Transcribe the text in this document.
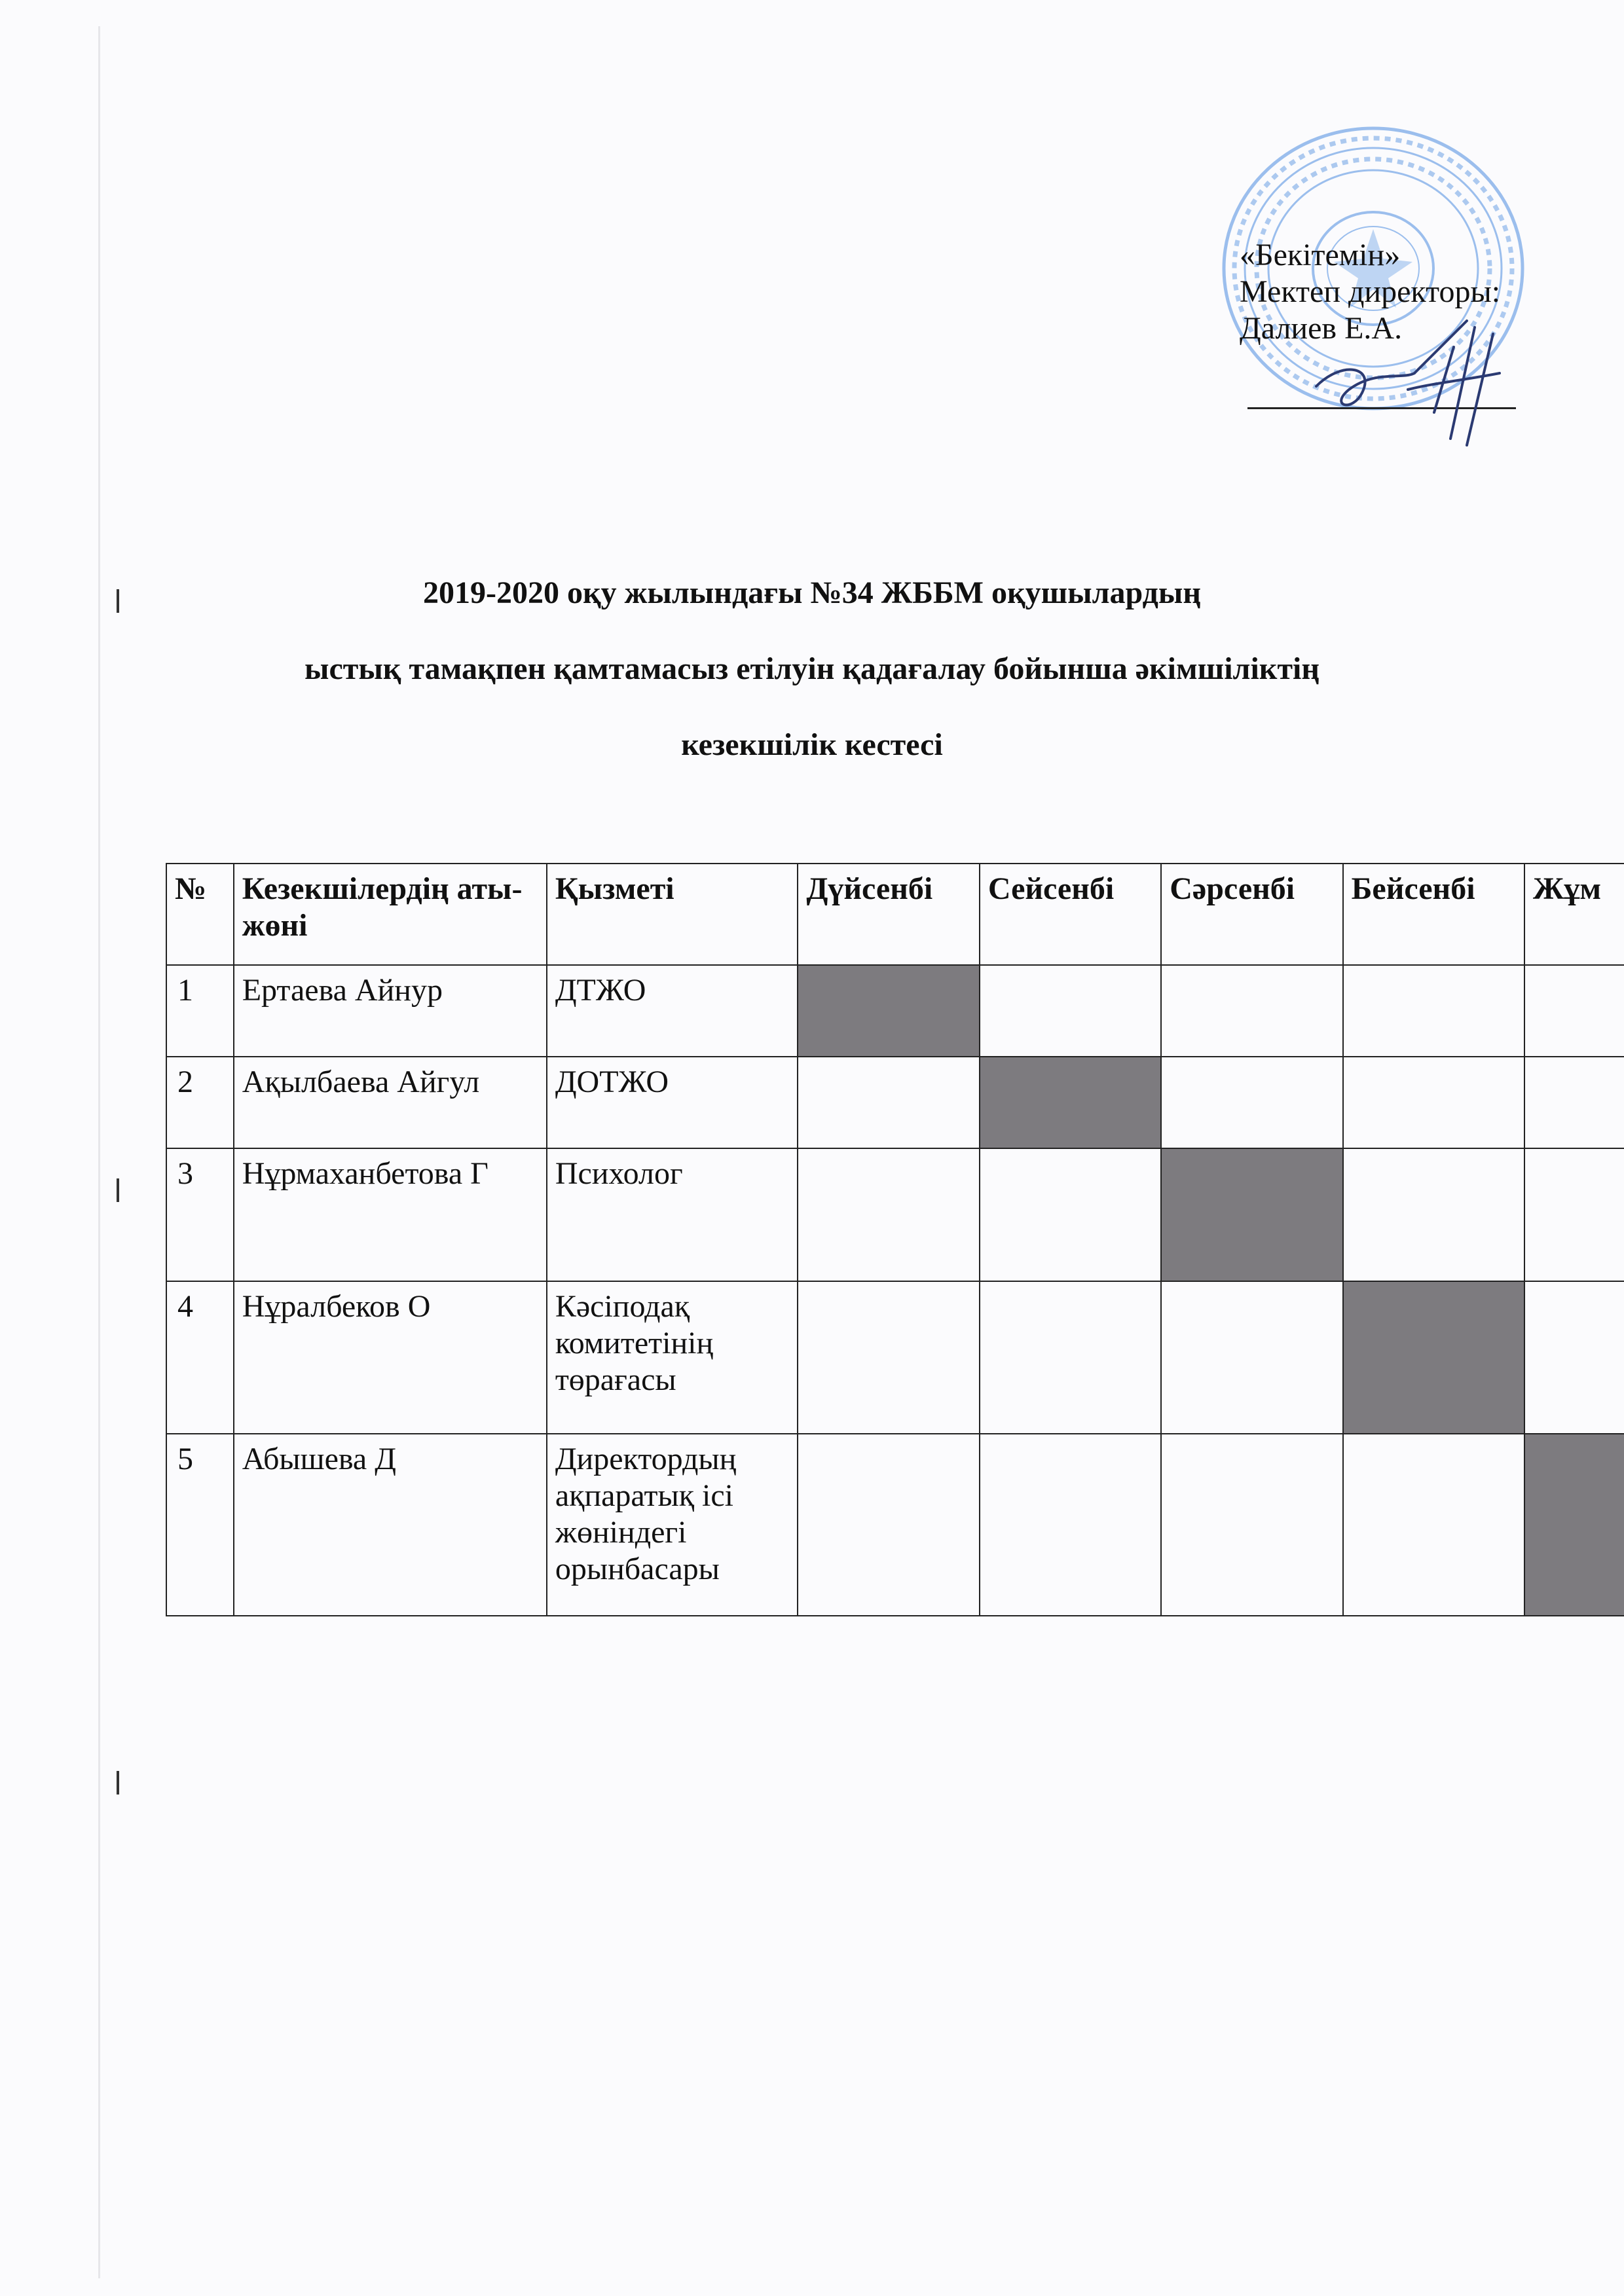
«Бекітемін»
Мектеп директоры:
Далиев Е.А.
2019-2020 оқу жылындағы №34 ЖББМ оқушылардың
ыстық тамақпен қамтамасыз етілуін қадағалау бойынша әкімшіліктің
кезекшілік кестесі
№	Кезекшілердің аты-жөні	Қызметі	Дүйсенбі	Сейсенбі	Сәрсенбі	Бейсенбі	Жұм
1	Ертаева Айнур	ДТЖО					
2	Ақылбаева Айгул	ДОТЖО					
3	Нұрмаханбетова Г	Психолог					
4	Нұралбеков О	Кәсіподақ комитетінің төрағасы					
5	Абышева Д	Директордың ақпаратық ісі жөніндегі орынбасары					
